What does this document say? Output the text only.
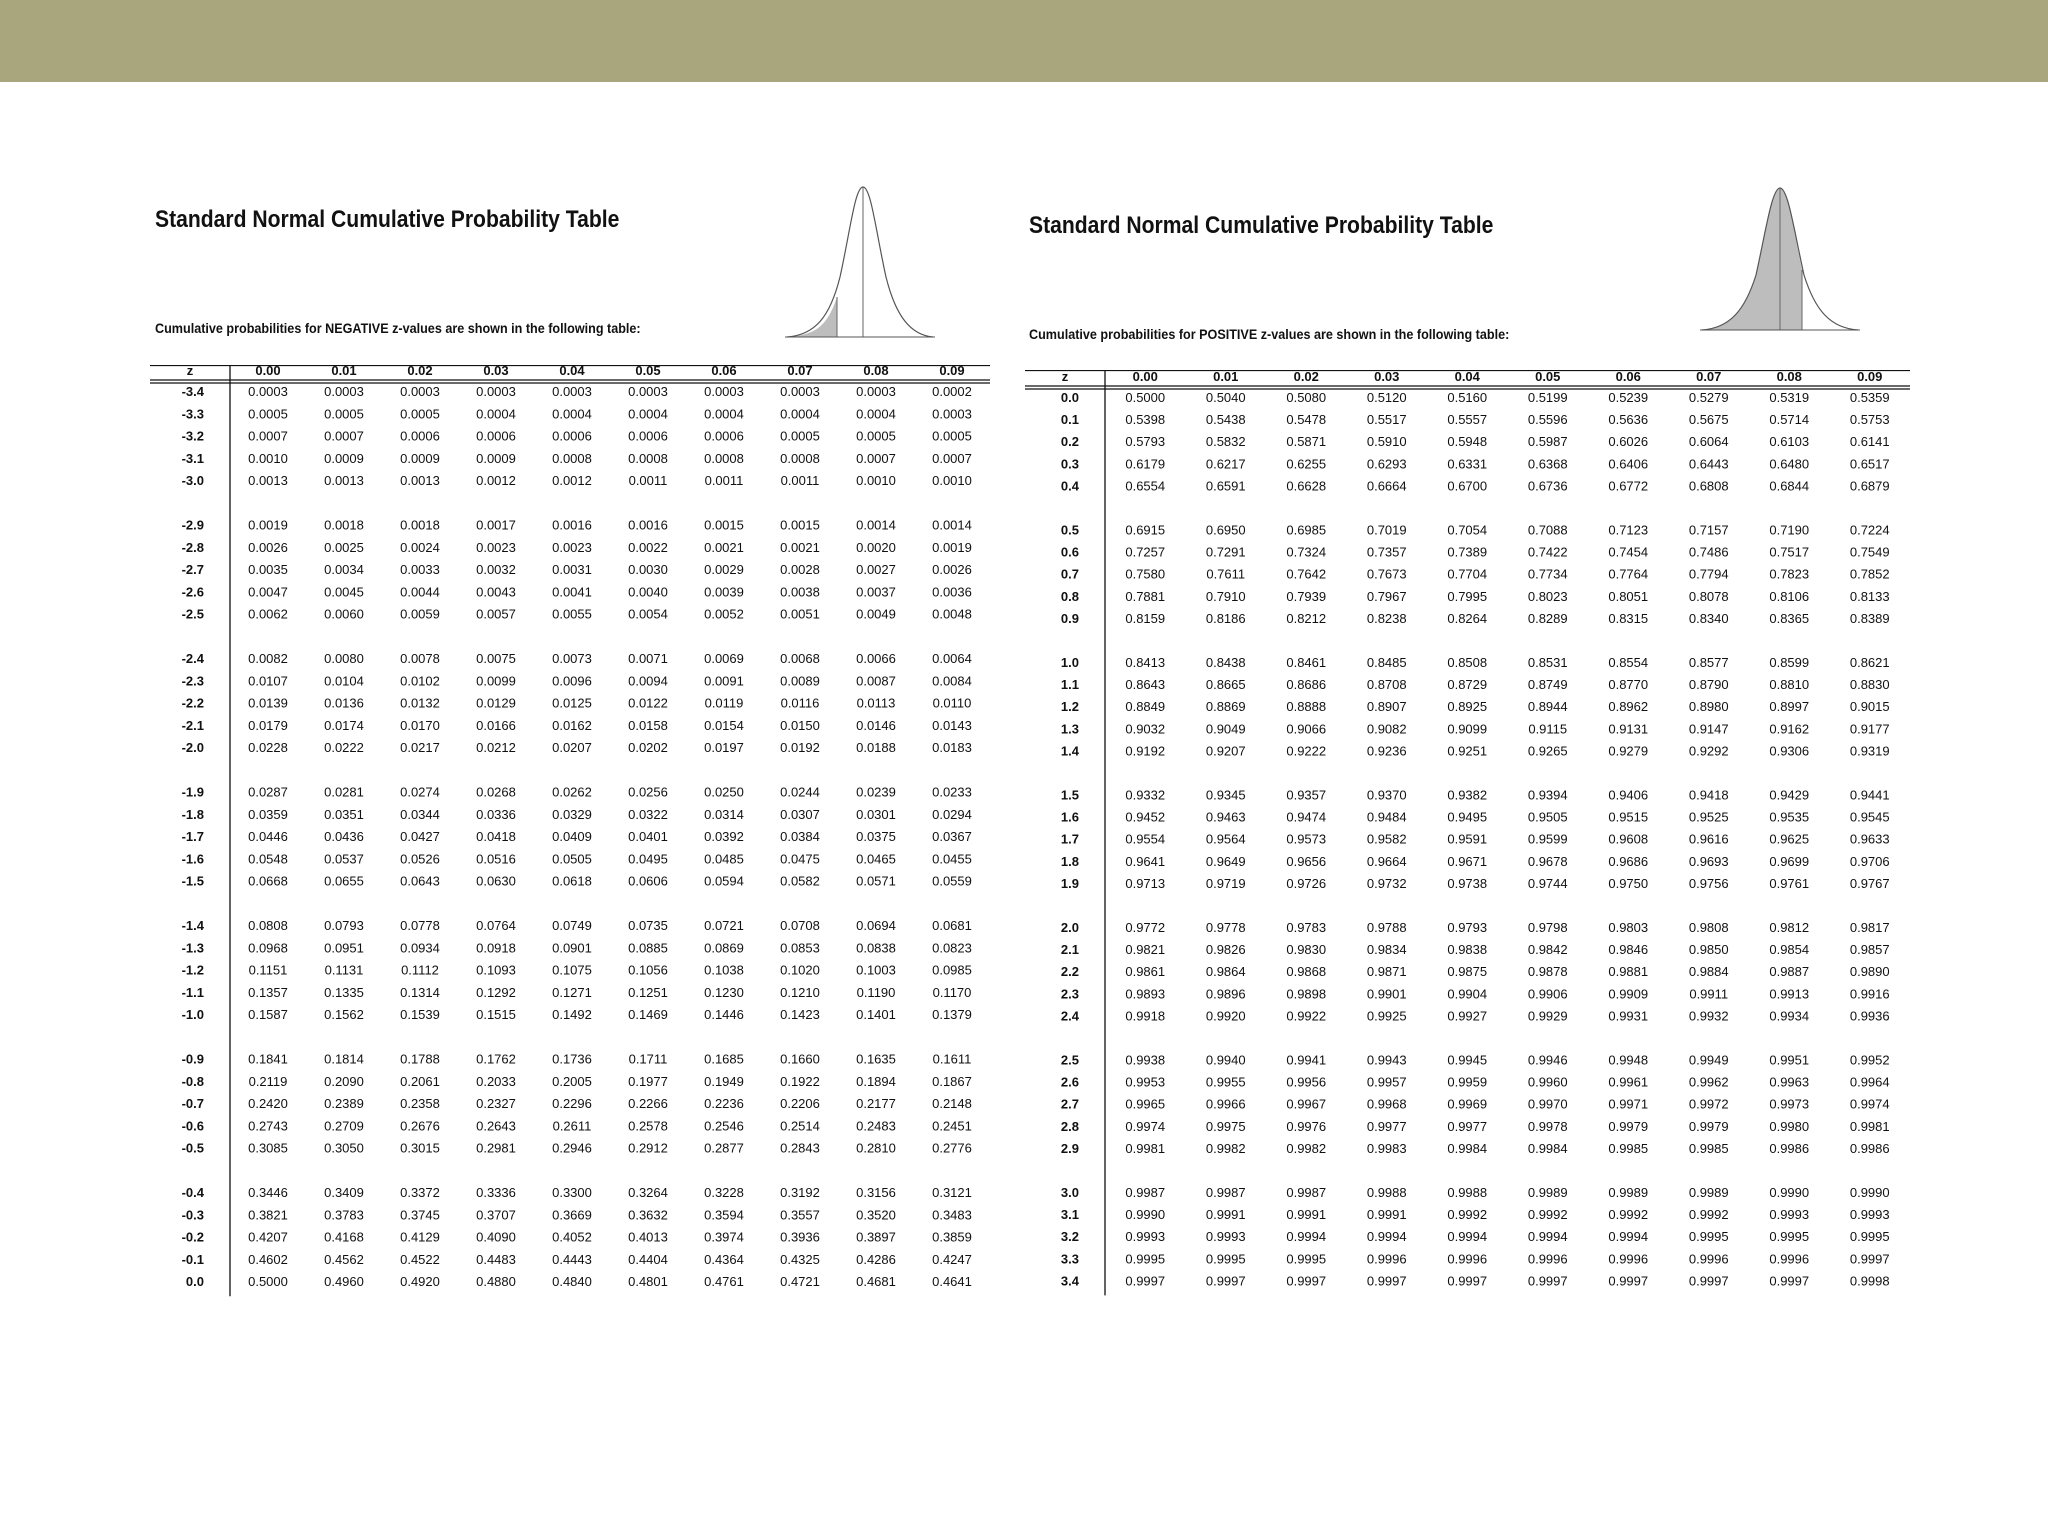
Standard Normal Cumulative Probability Table
Cumulative probabilities for NEGATIVE z-values are shown in the following table:
z	0.00	0.01	0.02	0.03	0.04	0.05	0.06	0.07	0.08	0.09
-3.4	0.0003	0.0003	0.0003	0.0003	0.0003	0.0003	0.0003	0.0003	0.0003	0.0002
-3.3	0.0005	0.0005	0.0005	0.0004	0.0004	0.0004	0.0004	0.0004	0.0004	0.0003
-3.2	0.0007	0.0007	0.0006	0.0006	0.0006	0.0006	0.0006	0.0005	0.0005	0.0005
-3.1	0.0010	0.0009	0.0009	0.0009	0.0008	0.0008	0.0008	0.0008	0.0007	0.0007
-3.0	0.0013	0.0013	0.0013	0.0012	0.0012	0.0011	0.0011	0.0011	0.0010	0.0010
-2.9	0.0019	0.0018	0.0018	0.0017	0.0016	0.0016	0.0015	0.0015	0.0014	0.0014
-2.8	0.0026	0.0025	0.0024	0.0023	0.0023	0.0022	0.0021	0.0021	0.0020	0.0019
-2.7	0.0035	0.0034	0.0033	0.0032	0.0031	0.0030	0.0029	0.0028	0.0027	0.0026
-2.6	0.0047	0.0045	0.0044	0.0043	0.0041	0.0040	0.0039	0.0038	0.0037	0.0036
-2.5	0.0062	0.0060	0.0059	0.0057	0.0055	0.0054	0.0052	0.0051	0.0049	0.0048
-2.4	0.0082	0.0080	0.0078	0.0075	0.0073	0.0071	0.0069	0.0068	0.0066	0.0064
-2.3	0.0107	0.0104	0.0102	0.0099	0.0096	0.0094	0.0091	0.0089	0.0087	0.0084
-2.2	0.0139	0.0136	0.0132	0.0129	0.0125	0.0122	0.0119	0.0116	0.0113	0.0110
-2.1	0.0179	0.0174	0.0170	0.0166	0.0162	0.0158	0.0154	0.0150	0.0146	0.0143
-2.0	0.0228	0.0222	0.0217	0.0212	0.0207	0.0202	0.0197	0.0192	0.0188	0.0183
-1.9	0.0287	0.0281	0.0274	0.0268	0.0262	0.0256	0.0250	0.0244	0.0239	0.0233
-1.8	0.0359	0.0351	0.0344	0.0336	0.0329	0.0322	0.0314	0.0307	0.0301	0.0294
-1.7	0.0446	0.0436	0.0427	0.0418	0.0409	0.0401	0.0392	0.0384	0.0375	0.0367
-1.6	0.0548	0.0537	0.0526	0.0516	0.0505	0.0495	0.0485	0.0475	0.0465	0.0455
-1.5	0.0668	0.0655	0.0643	0.0630	0.0618	0.0606	0.0594	0.0582	0.0571	0.0559
-1.4	0.0808	0.0793	0.0778	0.0764	0.0749	0.0735	0.0721	0.0708	0.0694	0.0681
-1.3	0.0968	0.0951	0.0934	0.0918	0.0901	0.0885	0.0869	0.0853	0.0838	0.0823
-1.2	0.1151	0.1131	0.1112	0.1093	0.1075	0.1056	0.1038	0.1020	0.1003	0.0985
-1.1	0.1357	0.1335	0.1314	0.1292	0.1271	0.1251	0.1230	0.1210	0.1190	0.1170
-1.0	0.1587	0.1562	0.1539	0.1515	0.1492	0.1469	0.1446	0.1423	0.1401	0.1379
-0.9	0.1841	0.1814	0.1788	0.1762	0.1736	0.1711	0.1685	0.1660	0.1635	0.1611
-0.8	0.2119	0.2090	0.2061	0.2033	0.2005	0.1977	0.1949	0.1922	0.1894	0.1867
-0.7	0.2420	0.2389	0.2358	0.2327	0.2296	0.2266	0.2236	0.2206	0.2177	0.2148
-0.6	0.2743	0.2709	0.2676	0.2643	0.2611	0.2578	0.2546	0.2514	0.2483	0.2451
-0.5	0.3085	0.3050	0.3015	0.2981	0.2946	0.2912	0.2877	0.2843	0.2810	0.2776
-0.4	0.3446	0.3409	0.3372	0.3336	0.3300	0.3264	0.3228	0.3192	0.3156	0.3121
-0.3	0.3821	0.3783	0.3745	0.3707	0.3669	0.3632	0.3594	0.3557	0.3520	0.3483
-0.2	0.4207	0.4168	0.4129	0.4090	0.4052	0.4013	0.3974	0.3936	0.3897	0.3859
-0.1	0.4602	0.4562	0.4522	0.4483	0.4443	0.4404	0.4364	0.4325	0.4286	0.4247
0.0	0.5000	0.4960	0.4920	0.4880	0.4840	0.4801	0.4761	0.4721	0.4681	0.4641
Standard Normal Cumulative Probability Table
Cumulative probabilities for POSITIVE z-values are shown in the following table:
z	0.00	0.01	0.02	0.03	0.04	0.05	0.06	0.07	0.08	0.09
0.0	0.5000	0.5040	0.5080	0.5120	0.5160	0.5199	0.5239	0.5279	0.5319	0.5359
0.1	0.5398	0.5438	0.5478	0.5517	0.5557	0.5596	0.5636	0.5675	0.5714	0.5753
0.2	0.5793	0.5832	0.5871	0.5910	0.5948	0.5987	0.6026	0.6064	0.6103	0.6141
0.3	0.6179	0.6217	0.6255	0.6293	0.6331	0.6368	0.6406	0.6443	0.6480	0.6517
0.4	0.6554	0.6591	0.6628	0.6664	0.6700	0.6736	0.6772	0.6808	0.6844	0.6879
0.5	0.6915	0.6950	0.6985	0.7019	0.7054	0.7088	0.7123	0.7157	0.7190	0.7224
0.6	0.7257	0.7291	0.7324	0.7357	0.7389	0.7422	0.7454	0.7486	0.7517	0.7549
0.7	0.7580	0.7611	0.7642	0.7673	0.7704	0.7734	0.7764	0.7794	0.7823	0.7852
0.8	0.7881	0.7910	0.7939	0.7967	0.7995	0.8023	0.8051	0.8078	0.8106	0.8133
0.9	0.8159	0.8186	0.8212	0.8238	0.8264	0.8289	0.8315	0.8340	0.8365	0.8389
1.0	0.8413	0.8438	0.8461	0.8485	0.8508	0.8531	0.8554	0.8577	0.8599	0.8621
1.1	0.8643	0.8665	0.8686	0.8708	0.8729	0.8749	0.8770	0.8790	0.8810	0.8830
1.2	0.8849	0.8869	0.8888	0.8907	0.8925	0.8944	0.8962	0.8980	0.8997	0.9015
1.3	0.9032	0.9049	0.9066	0.9082	0.9099	0.9115	0.9131	0.9147	0.9162	0.9177
1.4	0.9192	0.9207	0.9222	0.9236	0.9251	0.9265	0.9279	0.9292	0.9306	0.9319
1.5	0.9332	0.9345	0.9357	0.9370	0.9382	0.9394	0.9406	0.9418	0.9429	0.9441
1.6	0.9452	0.9463	0.9474	0.9484	0.9495	0.9505	0.9515	0.9525	0.9535	0.9545
1.7	0.9554	0.9564	0.9573	0.9582	0.9591	0.9599	0.9608	0.9616	0.9625	0.9633
1.8	0.9641	0.9649	0.9656	0.9664	0.9671	0.9678	0.9686	0.9693	0.9699	0.9706
1.9	0.9713	0.9719	0.9726	0.9732	0.9738	0.9744	0.9750	0.9756	0.9761	0.9767
2.0	0.9772	0.9778	0.9783	0.9788	0.9793	0.9798	0.9803	0.9808	0.9812	0.9817
2.1	0.9821	0.9826	0.9830	0.9834	0.9838	0.9842	0.9846	0.9850	0.9854	0.9857
2.2	0.9861	0.9864	0.9868	0.9871	0.9875	0.9878	0.9881	0.9884	0.9887	0.9890
2.3	0.9893	0.9896	0.9898	0.9901	0.9904	0.9906	0.9909	0.9911	0.9913	0.9916
2.4	0.9918	0.9920	0.9922	0.9925	0.9927	0.9929	0.9931	0.9932	0.9934	0.9936
2.5	0.9938	0.9940	0.9941	0.9943	0.9945	0.9946	0.9948	0.9949	0.9951	0.9952
2.6	0.9953	0.9955	0.9956	0.9957	0.9959	0.9960	0.9961	0.9962	0.9963	0.9964
2.7	0.9965	0.9966	0.9967	0.9968	0.9969	0.9970	0.9971	0.9972	0.9973	0.9974
2.8	0.9974	0.9975	0.9976	0.9977	0.9977	0.9978	0.9979	0.9979	0.9980	0.9981
2.9	0.9981	0.9982	0.9982	0.9983	0.9984	0.9984	0.9985	0.9985	0.9986	0.9986
3.0	0.9987	0.9987	0.9987	0.9988	0.9988	0.9989	0.9989	0.9989	0.9990	0.9990
3.1	0.9990	0.9991	0.9991	0.9991	0.9992	0.9992	0.9992	0.9992	0.9993	0.9993
3.2	0.9993	0.9993	0.9994	0.9994	0.9994	0.9994	0.9994	0.9995	0.9995	0.9995
3.3	0.9995	0.9995	0.9995	0.9996	0.9996	0.9996	0.9996	0.9996	0.9996	0.9997
3.4	0.9997	0.9997	0.9997	0.9997	0.9997	0.9997	0.9997	0.9997	0.9997	0.9998
